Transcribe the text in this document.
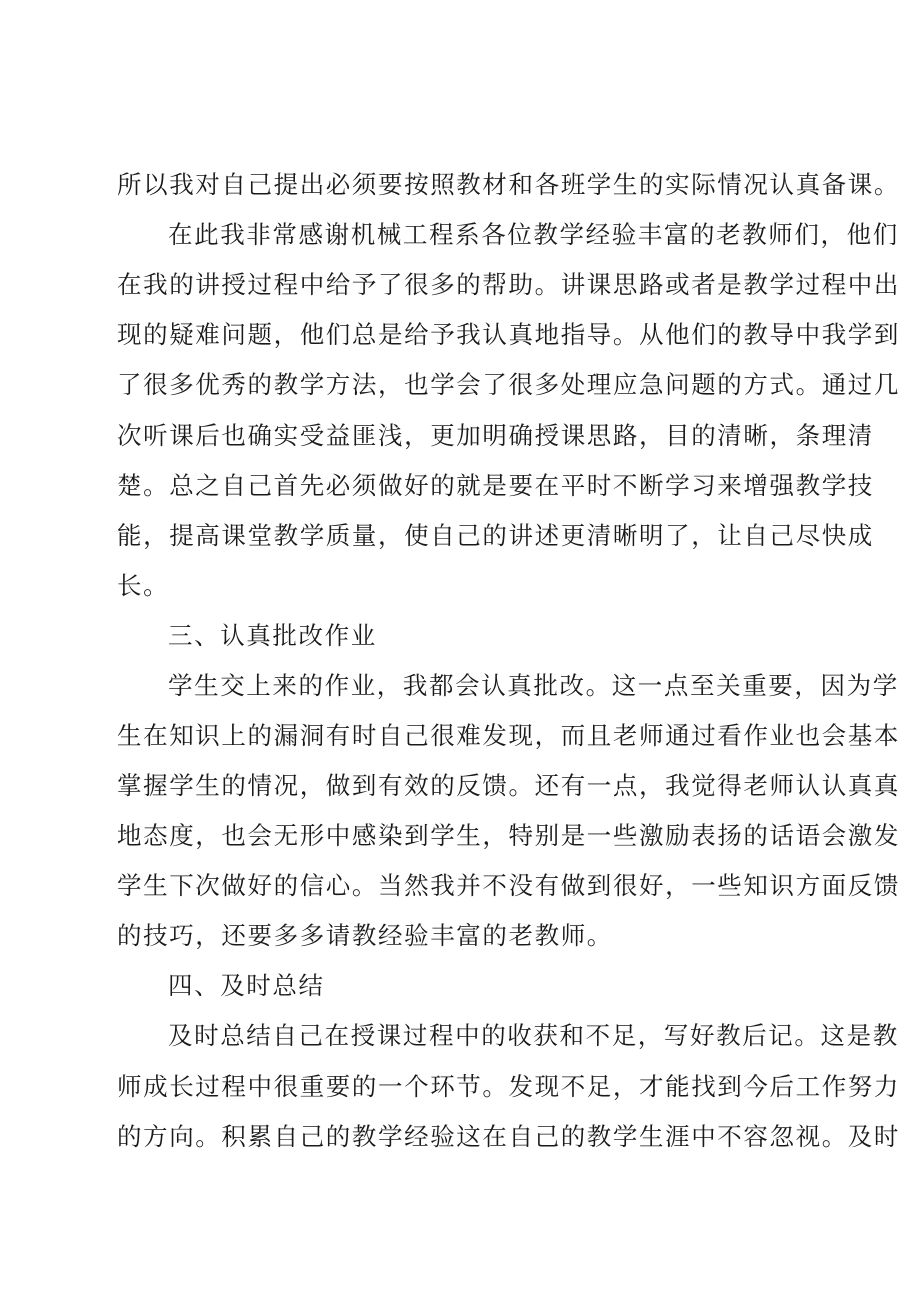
所以我对自己提出必须要按照教材和各班学生的实际情况认真备课。
在此我非常感谢机械工程系各位教学经验丰富的老教师们，他们
在我的讲授过程中给予了很多的帮助。讲课思路或者是教学过程中出
现的疑难问题，他们总是给予我认真地指导。从他们的教导中我学到
了很多优秀的教学方法，也学会了很多处理应急问题的方式。通过几
次听课后也确实受益匪浅，更加明确授课思路，目的清晰，条理清
楚。总之自己首先必须做好的就是要在平时不断学习来增强教学技
能，提高课堂教学质量，使自己的讲述更清晰明了，让自己尽快成
长。
三、认真批改作业
学生交上来的作业，我都会认真批改。这一点至关重要，因为学
生在知识上的漏洞有时自己很难发现，而且老师通过看作业也会基本
掌握学生的情况，做到有效的反馈。还有一点，我觉得老师认认真真
地态度，也会无形中感染到学生，特别是一些激励表扬的话语会激发
学生下次做好的信心。当然我并不没有做到很好，一些知识方面反馈
的技巧，还要多多请教经验丰富的老教师。
四、及时总结
及时总结自己在授课过程中的收获和不足，写好教后记。这是教
师成长过程中很重要的一个环节。发现不足，才能找到今后工作努力
的方向。积累自己的教学经验这在自己的教学生涯中不容忽视。及时
